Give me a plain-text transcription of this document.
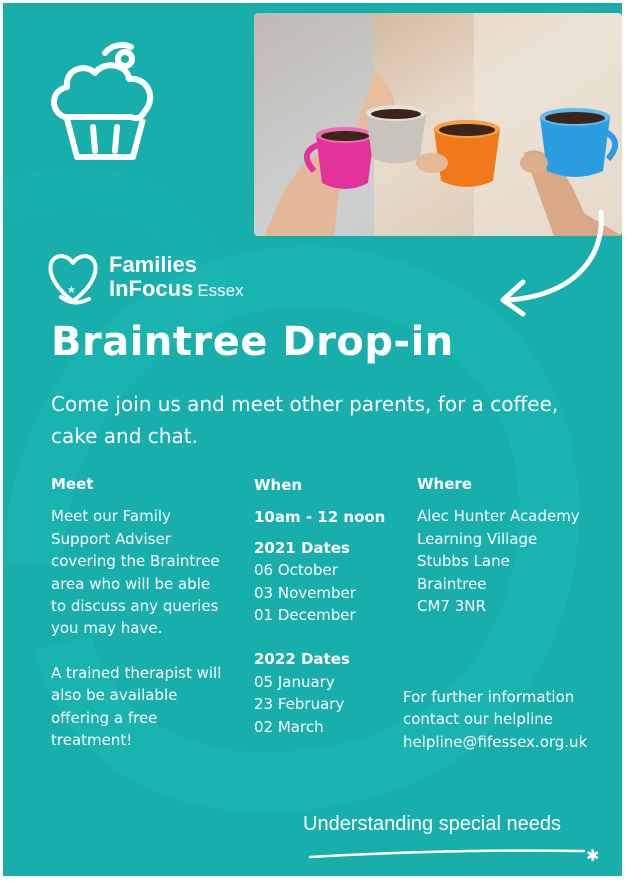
★
Families
InFocus Essex
Braintree Drop-in
Come join us and meet other parents, for a coffee, cake and chat.
Meet
Meet our Family Support Adviser covering the Braintree area who will be able to discuss any queries you may have.
A trained therapist will also be available offering a free treatment!
When
10am - 12 noon
2021 Dates
06 October
03 November
01 December
2022 Dates
05 January
23 February
02 March
Where
Alec Hunter Academy
Learning Village
Stubbs Lane
Braintree
CM7 3NR
For further information
contact our helpline
helpline@fifessex.org.uk
Understanding special needs
✱
